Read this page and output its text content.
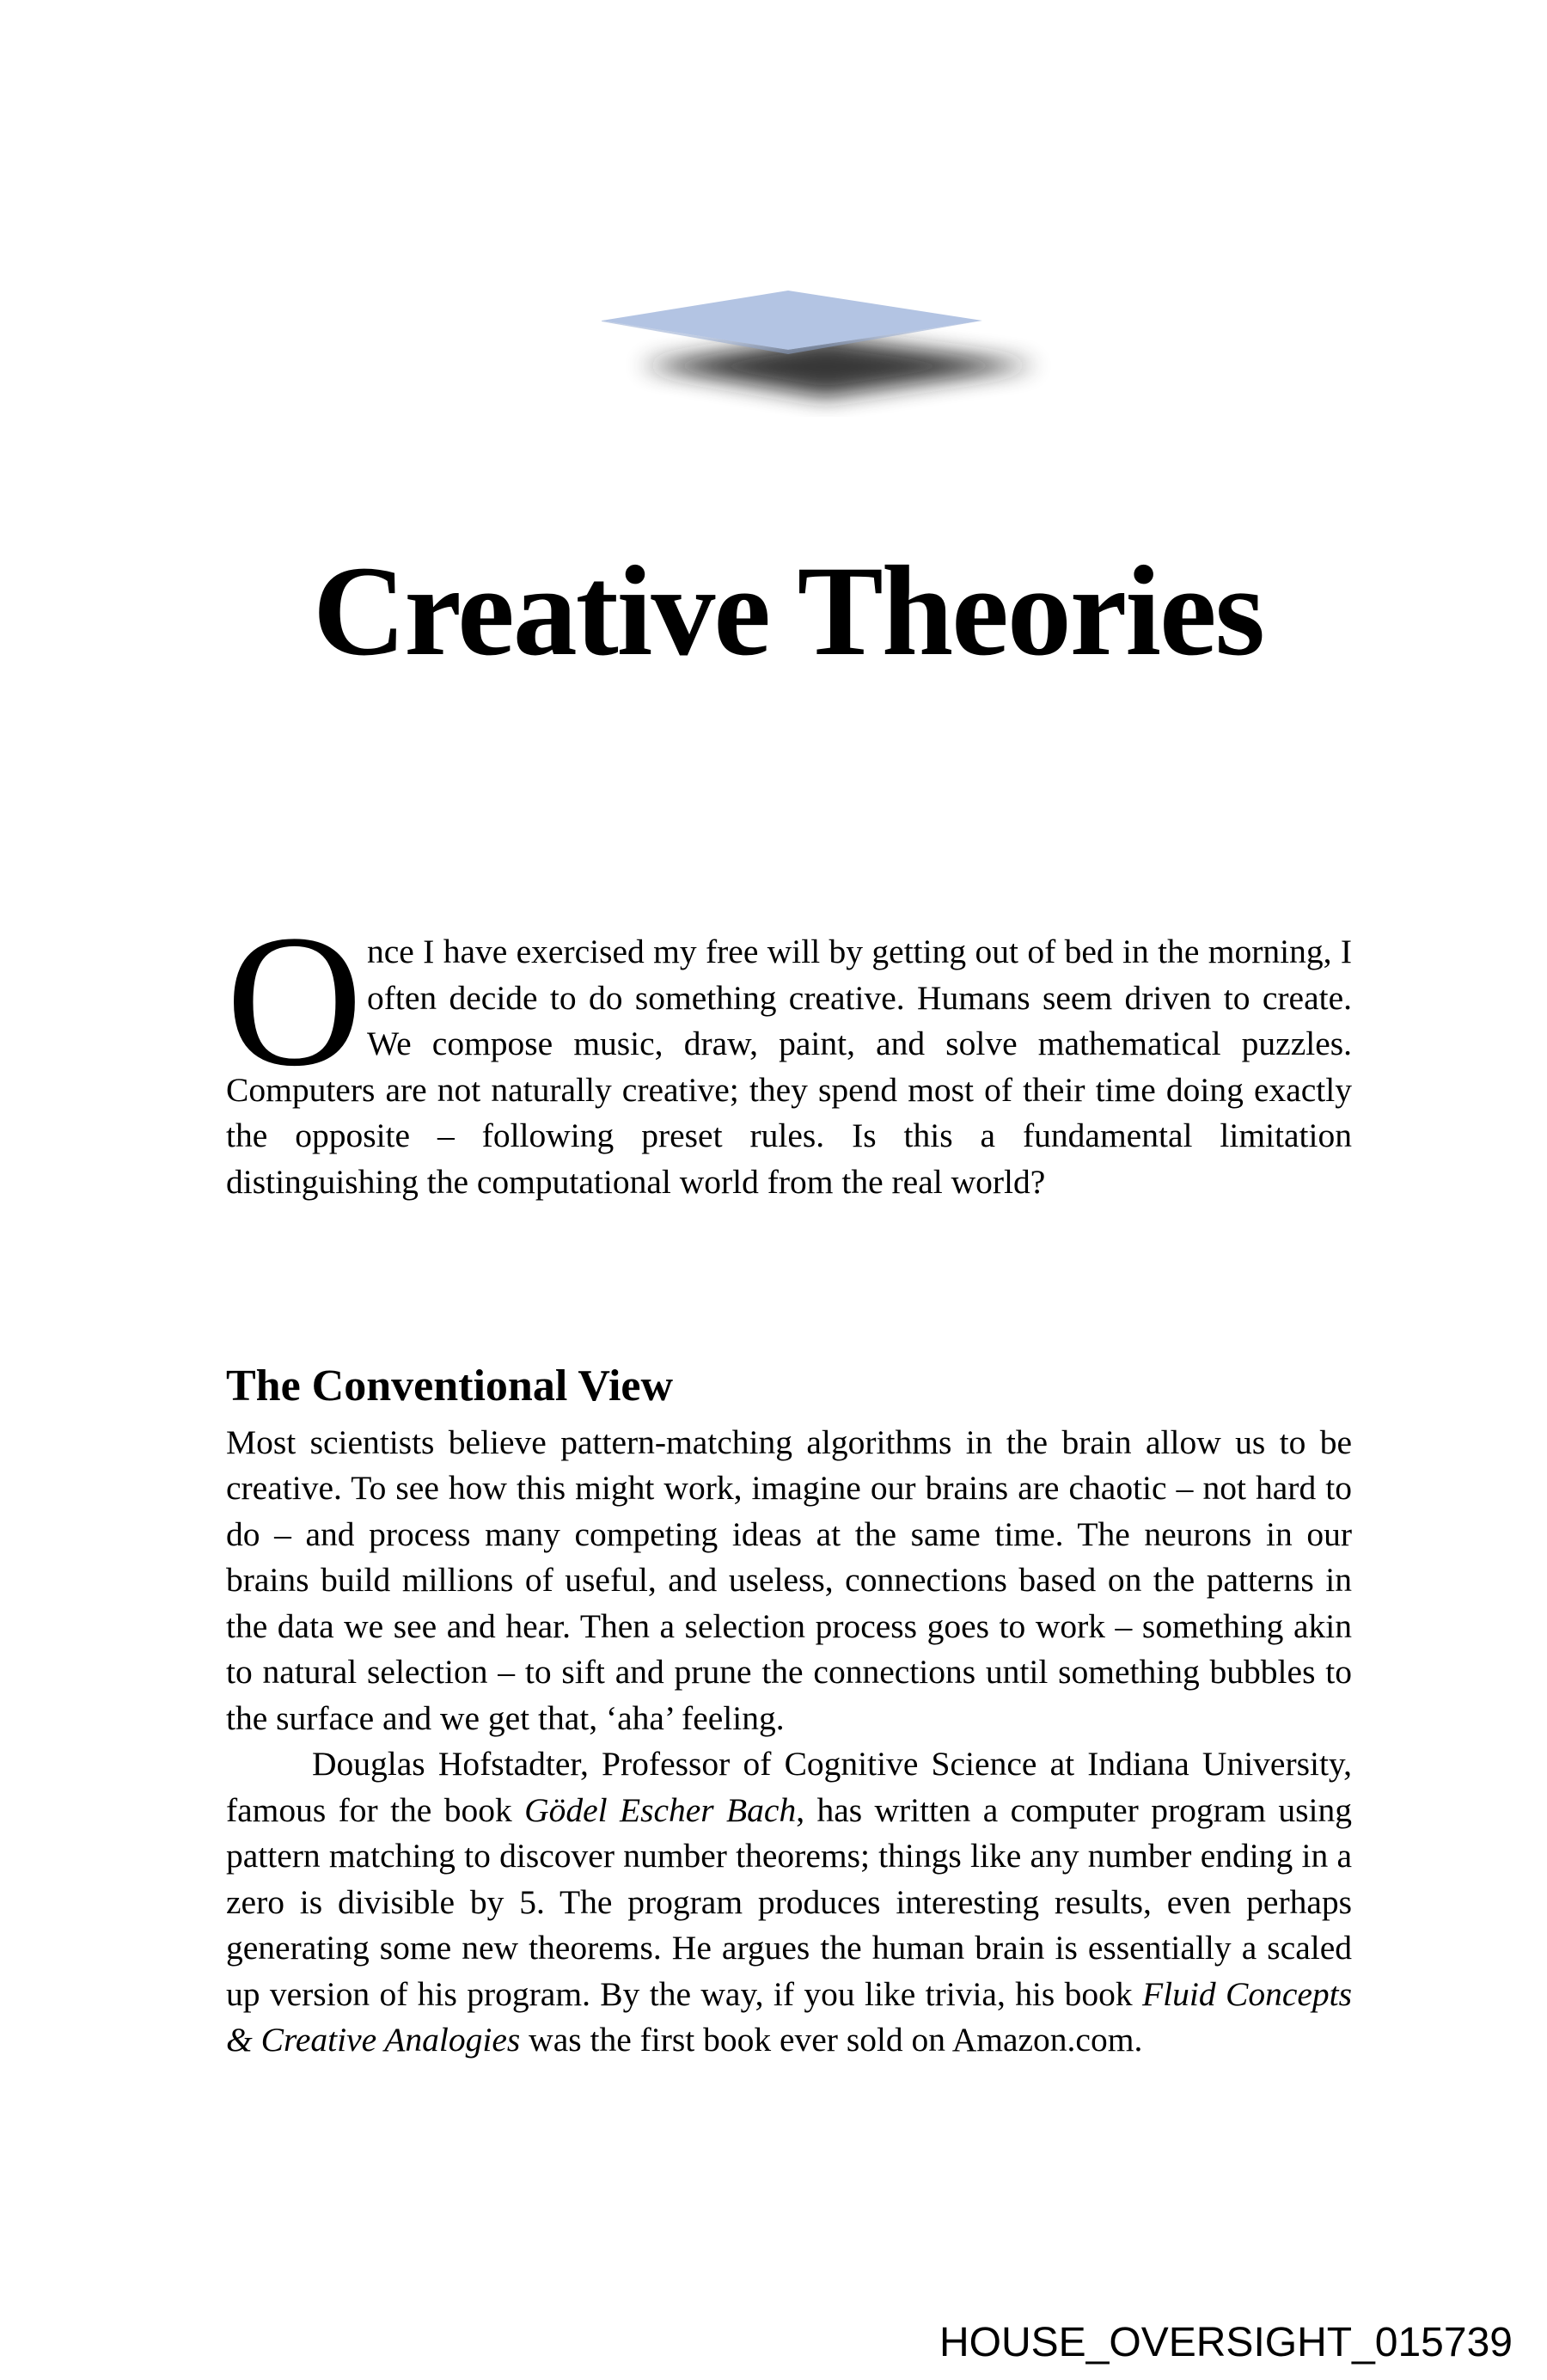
Creative Theories
Once I have exercised my free will by getting out of bed in the morning, I often decide to do something creative. Humans seem driven to create. We compose music, draw, paint, and solve mathematical puzzles. Computers are not naturally creative; they spend most of their time doing exactly the opposite – following preset rules. Is this a fundamental limitation distinguishing the computational world from the real world?
The Conventional View

Most scientists believe pattern-matching algorithms in the brain allow us to be creative. To see how this might work, imagine our brains are chaotic – not hard to do – and process many competing ideas at the same time. The neurons in our brains build millions of useful, and useless, connections based on the patterns in the data we see and hear. Then a selection process goes to work – something akin to natural selection – to sift and prune the connections until something bubbles to the surface and we get that, ‘aha’ feeling.

Douglas Hofstadter, Professor of Cognitive Science at Indiana University, famous for the book Gödel Escher Bach, has written a computer program using pattern matching to discover number theorems; things like any number ending in a zero is divisible by 5. The program produces interesting results, even perhaps generating some new theorems. He argues the human brain is essentially a scaled up version of his program. By the way, if you like trivia, his book Fluid Concepts & Creative Analogies was the first book ever sold on Amazon.com.

HOUSE_OVERSIGHT_015739
